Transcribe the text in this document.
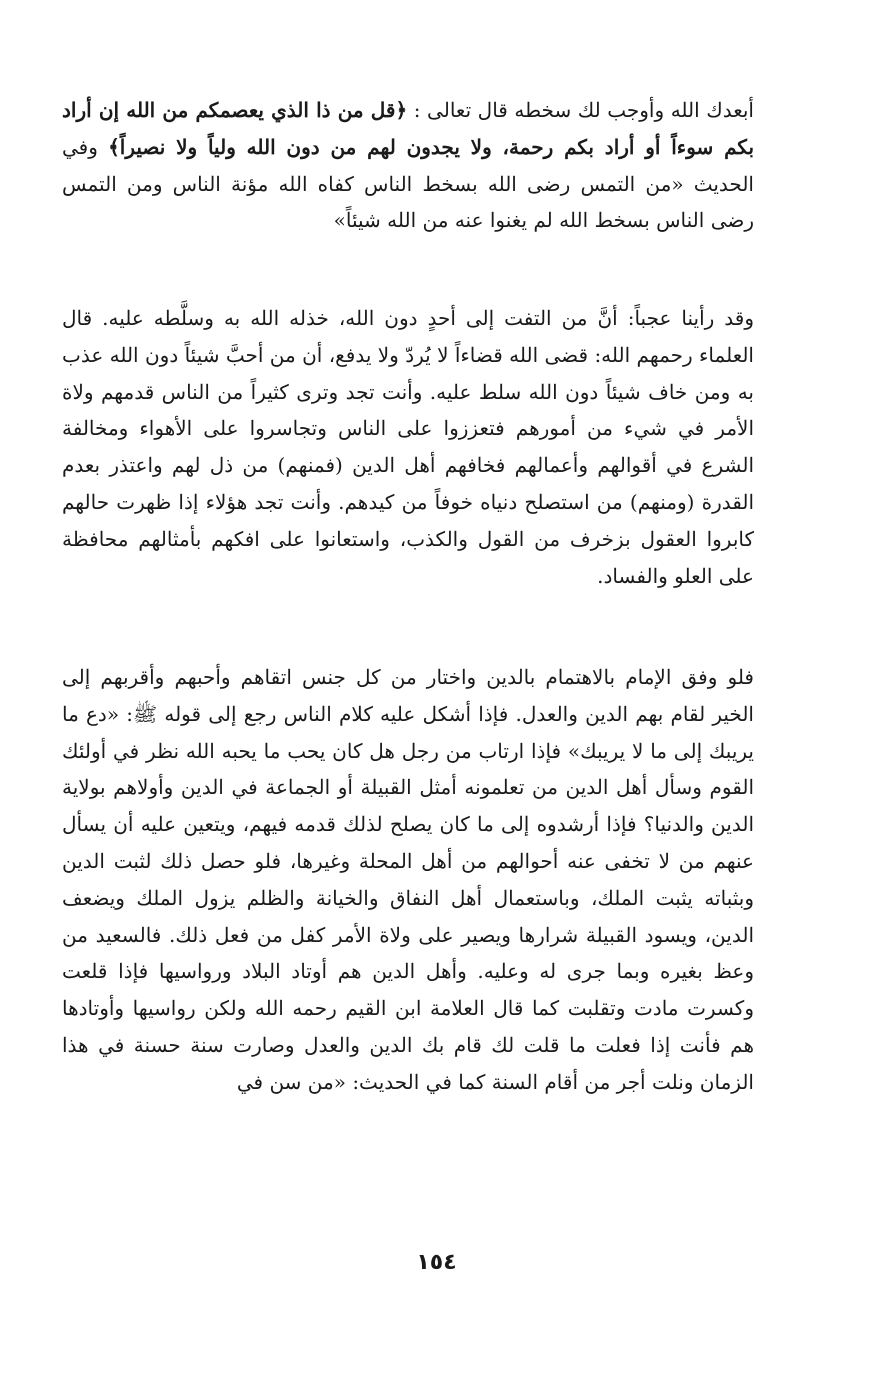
أبعدك الله وأوجب لك سخطه قال تعالى : ﴿قل من ذا الذي يعصمكم من الله إن أراد بكم سوءاً أو أراد بكم رحمة، ولا يجدون لهم من دون الله ولياً ولا نصيراً﴾ وفي الحديث «من التمس رضى الله بسخط الناس كفاه الله مؤنة الناس ومن التمس رضى الناس بسخط الله لم يغنوا عنه من الله شيئاً»

وقد رأينا عجباً: أنَّ من التفت إلى أحدٍ دون الله، خذله الله به وسلَّطه عليه. قال العلماء رحمهم الله: قضى الله قضاءاً لا يُردّ ولا يدفع، أن من أحبَّ شيئاً دون الله عذب به ومن خاف شيئاً دون الله سلط عليه. وأنت تجد وترى كثيراً من الناس قدمهم ولاة الأمر في شيء من أمورهم فتعززوا على الناس وتجاسروا على الأهواء ومخالفة الشرع في أقوالهم وأعمالهم فخافهم أهل الدين (فمنهم) من ذل لهم واعتذر بعدم القدرة (ومنهم) من استصلح دنياه خوفاً من كيدهم. وأنت تجد هؤلاء إذا ظهرت حالهم كابروا العقول بزخرف من القول والكذب، واستعانوا على افكهم بأمثالهم محافظة على العلو والفساد.

فلو وفق الإمام بالاهتمام بالدين واختار من كل جنس اتقاهم وأحبهم وأقربهم إلى الخير لقام بهم الدين والعدل. فإذا أشكل عليه كلام الناس رجع إلى قوله ﷺ: «دع ما يريبك إلى ما لا يريبك» فإذا ارتاب من رجل هل كان يحب ما يحبه الله نظر في أولئك القوم وسأل أهل الدين من تعلمونه أمثل القبيلة أو الجماعة في الدين وأولاهم بولاية الدين والدنيا؟ فإذا أرشدوه إلى ما كان يصلح لذلك قدمه فيهم، ويتعين عليه أن يسأل عنهم من لا تخفى عنه أحوالهم من أهل المحلة وغيرها، فلو حصل ذلك لثبت الدين وبثباته يثبت الملك، وباستعمال أهل النفاق والخيانة والظلم يزول الملك ويضعف الدين، ويسود القبيلة شرارها ويصير على ولاة الأمر كفل من فعل ذلك. فالسعيد من وعظ بغيره وبما جرى له وعليه. وأهل الدين هم أوتاد البلاد ورواسيها فإذا قلعت وكسرت مادت وتقلبت كما قال العلامة ابن القيم رحمه الله ولكن رواسيها وأوتادها هم فأنت إذا فعلت ما قلت لك قام بك الدين والعدل وصارت سنة حسنة في هذا الزمان ونلت أجر من أقام السنة كما في الحديث: «من سن في

١٥٤
